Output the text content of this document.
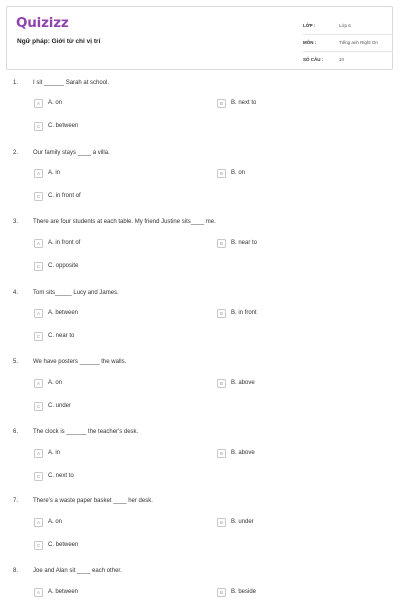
Quizizz
Ngữ pháp: Giới từ chỉ vị trí
LỚP :	Lớp 6
MÔN :	Tiếng anh Right On
SỐ CÂU :	10
1. I sit ______ Sarah at school.
A	A. on	B	B. next to
C	C. between
2. Our family stays ____ a villa.
A	A. in	B	B. on
C	C. in front of
3. There are four students at each table. My friend Justine sits____ me.
A	A. in front of	B	B. near to
C	C. opposite
4. Tom sits_____ Lucy and James.
A	A. between	B	B. in front
C	C. near to
5. We have posters ______ the walls.
A	A. on	B	B. above
C	C. under
6. The clock is ______ the teacher's desk.
A	A. in	B	B. above
C	C. next to
7. There's a waste paper basket ____ her desk.
A	A. on	B	B. under
C	C. between
8. Joe and Alan sit ____ each other.
A	A. between	B	B. beside
